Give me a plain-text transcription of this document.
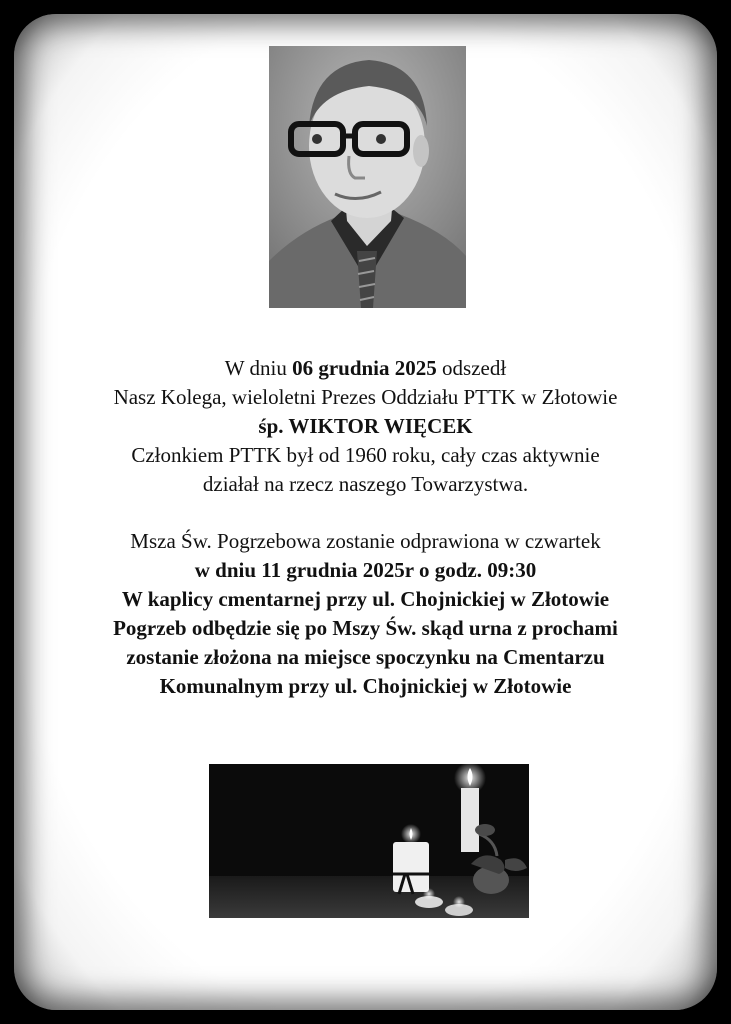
W dniu 06 grudnia 2025 odszedł
Nasz Kolega, wieloletni Prezes Oddziału PTTK w Złotowie
śp. WIKTOR WIĘCEK
Członkiem PTTK był od 1960 roku, cały czas aktywnie
działał na rzecz naszego Towarzystwa.
Msza Św. Pogrzebowa zostanie odprawiona w czwartek
w dniu 11 grudnia 2025r o godz. 09:30
W kaplicy cmentarnej przy ul. Chojnickiej w Złotowie
Pogrzeb odbędzie się po Mszy Św. skąd urna z prochami
zostanie złożona na miejsce spoczynku na Cmentarzu
Komunalnym przy ul. Chojnickiej w Złotowie
